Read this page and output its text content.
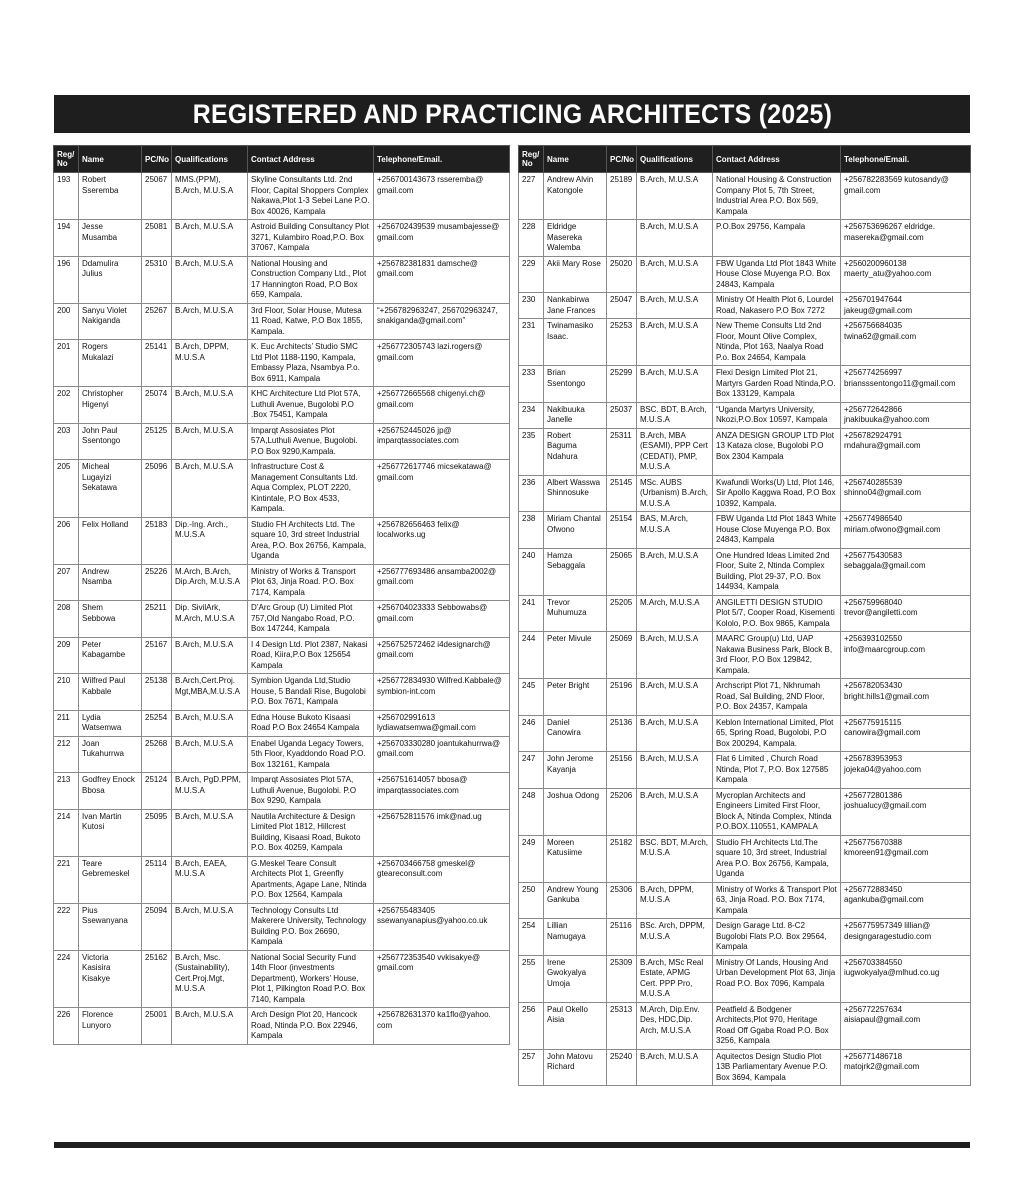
REGISTERED AND PRACTICING ARCHITECTS (2025)
Reg/ No	Name	PC/No	Qualifications	Contact Address	Telephone/Email.
193	Robert Sseremba	25067	MMS.(PPM), B.Arch, M.U.S.A	Skyline Consultants Ltd. 2nd Floor, Capital Shoppers Complex Nakawa,Plot 1-3 Sebei Lane P.O. Box 40026, Kampala	+256700143673 rsseremba@ gmail.com
194	Jesse Musamba	25081	B.Arch, M.U.S.A	Astroid Building Consultancy Plot 3271, Kulambiro Road,P.O. Box 37067, Kampala	+256702439539 musambajesse@ gmail.com
196	Ddamulira Julius	25310	B.Arch, M.U.S.A	National Housing and Construction Company Ltd., Plot 17 Hannington Road, P.O Box 659, Kampala.	+256782381831 damsche@ gmail.com
200	Sanyu Violet Nakiganda	25267	B.Arch, M.U.S.A	3rd Floor, Solar House, Mutesa 11 Road, Katwe, P.O Box 1855, Kampala.	“+256782963247, 256702963247, snakiganda@gmail.com”
201	Rogers Mukalazi	25141	B.Arch, DPPM, M.U.S.A	K. Euc Architects’ Studio SMC Ltd Plot 1188-1190, Kampala, Embassy Plaza, Nsambya P.o. Box 6911, Kampala	+256772305743 lazi.rogers@ gmail.com
202	Christopher Higenyi	25074	B.Arch, M.U.S.A	KHC Architecture Ltd Plot 57A, Luthuli Avenue, Bugolobi P.O .Box 75451, Kampala	+256772665568 chigenyi.ch@ gmail.com
203	John Paul Ssentongo	25125	B.Arch, M.U.S.A	Imparqt Assosiates Plot 57A,Luthuli Avenue, Bugolobi. P.O Box 9290,Kampala.	+256752445026 jp@ imparqtassociates.com
205	Micheal Lugayizi Sekatawa	25096	B.Arch, M.U.S.A	Infrastructure Cost & Management Consultants Ltd. Aqua Complex, PLOT 2220, Kintintale, P.O Box 4533, Kampala.	+256772617746 micsekatawa@ gmail.com
206	Felix Holland	25183	Dip.-Ing. Arch., M.U.S.A	Studio FH Architects Ltd. The square 10, 3rd street Industrial Area, P.O. Box 26756, Kampala, Uganda	+256782656463 felix@ localworks.ug
207	Andrew Nsamba	25226	M.Arch, B.Arch, Dip.Arch, M.U.S.A	Ministry of Works & Transport Plot 63, Jinja Road. P.O. Box 7174, Kampala	+256777693486 ansamba2002@ gmail.com
208	Shem Sebbowa	25211	Dip. SivilArk, M.Arch, M.U.S.A	D’Arc Group (U) Limited Plot 757,Old Nangabo Road, P.O. Box 147244, Kampala	+256704023333 Sebbowabs@ gmail.com
209	Peter Kabagambe	25167	B.Arch, M.U.S.A	I 4 Design Ltd. Plot 2387, Nakasi Road, Kiira,P.O Box 125654 Kampala	+256752572462 i4designarch@ gmail.com
210	Wilfred Paul Kabbale	25138	B.Arch,Cert.Proj. Mgt,MBA,M.U.S.A	Symbion Uganda Ltd,Studio House, 5 Bandali Rise, Bugolobi P.O. Box 7671, Kampala	+256772834930 Wilfred.Kabbale@ symbion-int.com
211	Lydia Watsemwa	25254	B.Arch, M.U.S.A	Edna House Bukoto Kisaasi Road P.O Box 24654 Kampala	+256702991613 lydiawatsemwa@gmail.com
212	Joan Tukahurrwa	25268	B.Arch, M.U.S.A	Enabel Uganda Legacy Towers, 5th Floor, Kyaddondo Road P.O. Box 132161, Kampala	+256703330280 joantukahurrwa@ gmail.com
213	Godfrey Enock Bbosa	25124	B.Arch, PgD.PPM, M.U.S.A	Imparqt Assosiates Plot 57A, Luthuli Avenue, Bugolobi. P.O Box 9290, Kampala	+256751614057 bbosa@ imparqtassociates.com
214	Ivan Martin Kutosi	25095	B.Arch, M.U.S.A	Nautila Architecture & Design Limited Plot 1812, Hillcrest Building, Kisaasi Road, Bukoto P.O. Box 40259, Kampala	+256752811576 imk@nad.ug
221	Teare Gebremeskel	25114	B.Arch, EAEA, M.U.S.A	G.Meskel Teare Consult Architects Plot 1, Greenfly Apartments, Agape Lane, Ntinda P.O. Box 12564, Kampala	+256703466758 gmeskel@ gteareconsult.com
222	Pius Ssewanyana	25094	B.Arch, M.U.S.A	Technology Consults Ltd Makerere University, Technology Building P.O. Box 26690, Kampala	+256755483405 ssewanyanapius@yahoo.co.uk
224	Victoria Kasisira Kisakye	25162	B.Arch, Msc. (Sustainability), Cert.Proj.Mgt, M.U.S.A	National Social Security Fund 14th Floor (investments Department), Workers’ House, Plot 1, Pilkington Road P.O. Box 7140, Kampala	+256772353540 vvkisakye@ gmail.com
226	Florence Lunyoro	25001	B.Arch, M.U.S.A	Arch Design Plot 20, Hancock Road, Ntinda P.O. Box 22946, Kampala	+256782631370 ka1flo@yahoo. com
Reg/ No	Name	PC/No	Qualifications	Contact Address	Telephone/Email.
227	Andrew Alvin Katongole	25189	B.Arch, M.U.S.A	National Housing & Construction Company Plot 5, 7th Street, Industrial Area P.O. Box 569, Kampala	+256782283569 kutosandy@ gmail.com
228	Eldridge Masereka Walemba		B.Arch, M.U.S.A	P.O.Box 29756, Kampala	+256753696267 eldridge. masereka@gmail.com
229	Akii Mary Rose	25020	B.Arch, M.U.S.A	FBW Uganda Ltd Plot 1843 White House Close Muyenga P.O. Box 24843, Kampala	+2560200960138 maerty_atu@yahoo.com
230	Nankabirwa Jane Frances	25047	B.Arch, M.U.S.A	Ministry Of Health Plot 6, Lourdel Road, Nakasero P.O Box 7272	+256701947644 jakeug@gmail.com
231	Twinamasiko Isaac.	25253	B.Arch, M.U.S.A	New Theme Consults Ltd 2nd Floor, Mount Olive Complex, Ntinda, Plot 163, Naalya Road P.o. Box 24654, Kampala	+256756684035 twina62@gmail.com
233	Brian Ssentongo	25299	B.Arch, M.U.S.A	Flexi Design Limited Plot 21, Martyrs Garden Road Ntinda,P.O. Box 133129, Kampala	+256774256997 briansssentongo11@gmail.com
234	Nakibuuka Janelle	25037	BSC. BDT, B.Arch, M.U.S.A	“Uganda Martyrs University, Nkozi,P.O.Box 10597, Kampala	+256772642866 jnakibuuka@yahoo.com
235	Robert Baguma Ndahura	25311	B.Arch, MBA (ESAMI), PPP Cert (CEDATI), PMP, M.U.S.A	ANZA DESIGN GROUP LTD Plot 13 Kataza close, Bugolobi P.O Box 2304 Kampala	+256782924791 rndahura@gmail.com
236	Albert Wasswa Shinnosuke	25145	MSc. AUBS (Urbanism) B.Arch, M.U.S.A	Kwafundi Works(U) Ltd, Plot 146, Sir Apollo Kaggwa Road, P.O Box 10392, Kampala.	+256740285539 shinno04@gmail.com
238	Miriam Chantal Ofwono	25154	BAS, M.Arch, M.U.S.A	FBW Uganda Ltd Plot 1843 White House Close Muyenga P.O. Box 24843, Kampala	+256774986540 miriam.ofwono@gmail.com
240	Hamza Sebaggala	25065	B.Arch, M.U.S.A	One Hundred Ideas Limited 2nd Floor, Suite 2, Ntinda Complex Building, Plot 29-37, P.O. Box 144934, Kampala	+256775430583 sebaggala@gmail.com
241	Trevor Muhumuza	25205	M.Arch, M.U.S.A	ANGILETTI DESIGN STUDIO Plot 5/7, Cooper Road, Kisementi Kololo, P.O. Box 9865, Kampala	+256759968040 trevor@angiletti.com
244	Peter Mivule	25069	B.Arch, M.U.S.A	MAARC Group(u) Ltd, UAP Nakawa Business Park, Block B, 3rd Floor, P.O Box 129842, Kampala.	+256393102550 info@maarcgroup.com
245	Peter Bright	25196	B.Arch, M.U.S.A	Archscript Plot 71, Nkhrumah Road, Sal Building, 2ND Floor, P.O. Box 24357, Kampala	+256782053430 bright.hills1@gmail.com
246	Daniel Canowira	25136	B.Arch, M.U.S.A	Keblon International Limited, Plot 65, Spring Road, Bugolobi, P.O Box 200294, Kampala.	+256775915115 canowira@gmail.com
247	John Jerome Kayanja	25156	B.Arch, M.U.S.A	Flat 6 Limited , Church Road Ntinda, Plot 7, P.O. Box 127585 Kampala	+256783953953 jojeka04@yahoo.com
248	Joshua Odong	25206	B.Arch, M.U.S.A	Mycroplan Architects and Engineers Limited First Floor, Block A, Ntinda Complex, Ntinda P.O.BOX.110551, KAMPALA	+256772801386 joshualucy@gmail.com
249	Moreen Katusiime	25182	BSC. BDT, M.Arch, M.U.S.A	Studio FH Architects Ltd.The square 10, 3rd street, Industrial Area P.O. Box 26756, Kampala, Uganda	+256775670388 kmoreen91@gmail.com
250	Andrew Young Gankuba	25306	B.Arch, DPPM, M.U.S.A	Ministry of Works & Transport Plot 63, Jinja Road. P.O. Box 7174, Kampala	+256772883450 agankuba@gmail.com
254	Lillian Namugaya	25116	BSc. Arch, DPPM, M.U.S.A	Design Garage Ltd. 8-C2 Bugolobi Flats P.O. Box 29564, Kampala	+256775957349 lillian@ designgaragestudio.com
255	Irene Gwokyalya Umoja	25309	B.Arch, MSc Real Estate, APMG Cert. PPP Pro, M.U.S.A	Ministry Of Lands, Housing And Urban Development Plot 63, Jinja Road P.O. Box 7096, Kampala	+256703384550 iugwokyalya@mlhud.co.ug
256	Paul Okello Aisia	25313	M.Arch, Dip.Env. Des, HDC,Dip. Arch, M.U.S.A	Peatfield & Bodgener Architects,Plot 970, Heritage Road Off Ggaba Road P.O. Box 3256, Kampala	+256772257634 aisiapaul@gmail.com
257	John Matovu Richard	25240	B.Arch, M.U.S.A	Aquitectos Design Studio Plot 13B Parliamentary Avenue P.O. Box 3694, Kampala	+256771486718 matojrk2@gmail.com
